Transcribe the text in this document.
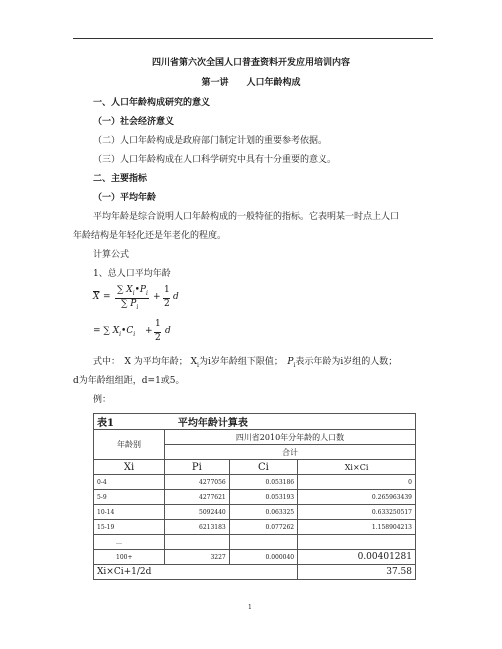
四川省第六次全国人口普查资料开发应用培训内容
第一讲　　人口年龄构成
一、人口年龄构成研究的意义
（一）社会经济意义
（二）人口年龄构成是政府部门制定计划的重要参考依据。
（三）人口年龄构成在人口科学研究中具有十分重要的意义。
二、主要指标
（一）平均年龄
平均年龄是综合说明人口年龄构成的一般特征的指标。它表明某一时点上人口
年龄结构是年轻化还是年老化的程度。
计算公式
1、总人口平均年龄
$\overline{X}$ =
∑ $X_i•P_i$
∑ $P_i$
+
1
2
d
= ∑ $X_i•C_i$ +
1
2
d
式中：　X 为平均年龄； $X_i$为i岁年龄组下限值；　 $P_i$表示年龄为i岁组的人数；
d为年龄组组距，d=1或5。
例：
表1 平均年龄计算表			
年龄别	四川省2010年分年龄的人口数		
	合计		
Xi	Pi	Ci	Xi×Ci
0-4	4277056	0.053186	0
5-9	4277621	0.053193	0.265963439
10-14	5092440	0.063325	0.633250517
15-19	6213183	0.077262	1.158904213
…			
100+	3227	0.000040	0.00401281
Xi×Ci+1/2d			37.58
1
